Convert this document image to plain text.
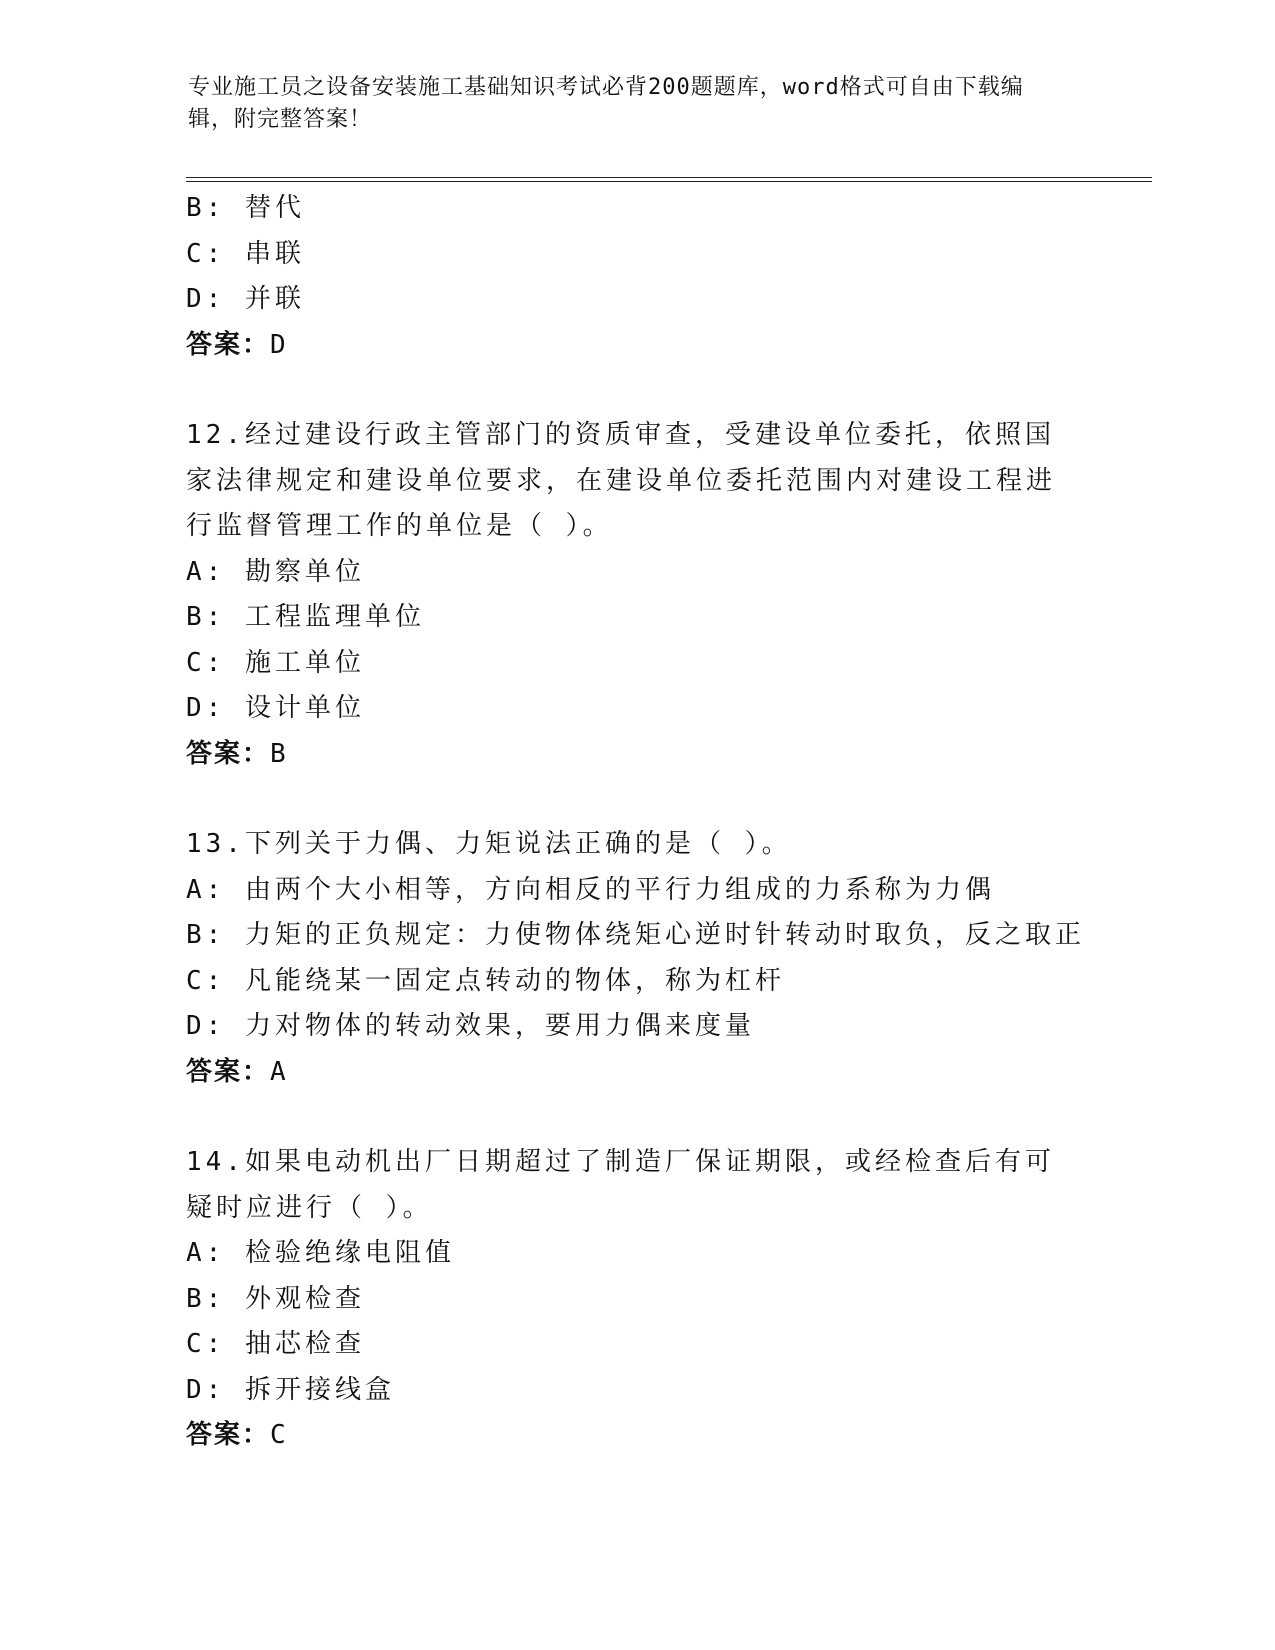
专业施工员之设备安装施工基础知识考试必背200题题库，word格式可自由下载编辑，附完整答案！

B: 替代

C: 串联

D: 并联

答案：D

12.经过建设行政主管部门的资质审查，受建设单位委托，依照国家法律规定和建设单位要求，在建设单位委托范围内对建设工程进行监督管理工作的单位是（ ）。

A: 勘察单位

B: 工程监理单位

C: 施工单位

D: 设计单位

答案：B

13.下列关于力偶、力矩说法正确的是（ ）。

A: 由两个大小相等，方向相反的平行力组成的力系称为力偶

B: 力矩的正负规定：力使物体绕矩心逆时针转动时取负，反之取正

C: 凡能绕某一固定点转动的物体，称为杠杆

D: 力对物体的转动效果，要用力偶来度量

答案：A

14.如果电动机出厂日期超过了制造厂保证期限，或经检查后有可疑时应进行（ ）。

A: 检验绝缘电阻值

B: 外观检查

C: 抽芯检查

D: 拆开接线盒

答案：C
